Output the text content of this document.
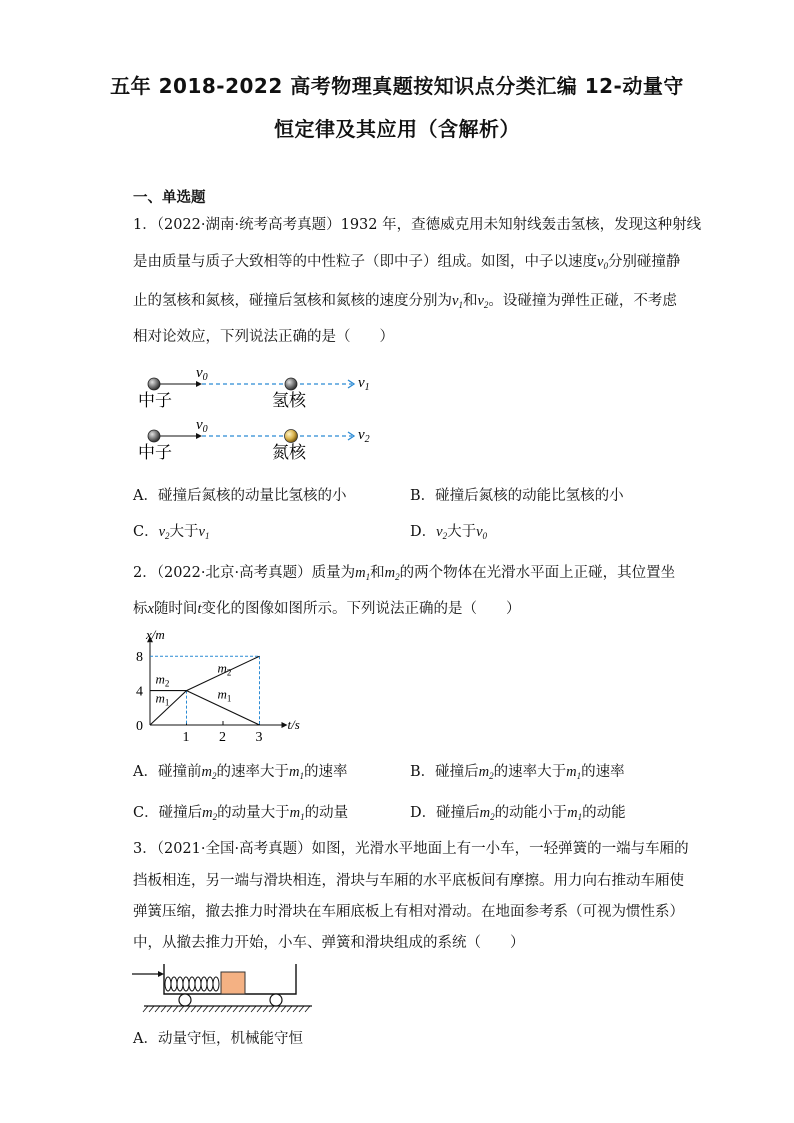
五年 2018-2022 高考物理真题按知识点分类汇编 12-动量守
恒定律及其应用（含解析）
一、单选题
1．（2022·湖南·统考高考真题）1932 年，查德威克用未知射线轰击氢核，发现这种射线
是由质量与质子大致相等的中性粒子（即中子）组成。如图，中子以速度$v_0$分别碰撞静
止的氢核和氮核，碰撞后氢核和氮核的速度分别为$v_1$和$v_2$。设碰撞为弹性正碰，不考虑
相对论效应，下列说法正确的是（　　）
$v_0$	$v_1$
中子	氢核
$v_0$	$v_2$
中子	氮核
A．碰撞后氮核的动量比氢核的小	B．碰撞后氮核的动能比氢核的小
C．$v_2$大于$v_1$	D．$v_2$大于$v_0$
2．（2022·北京·高考真题）质量为$m_1$和$m_2$的两个物体在光滑水平面上正碰，其位置坐
标x随时间t变化的图像如图所示。下列说法正确的是（　　）
x/m
t/s
0
4
8
1 2 3
$m_1$
$m_2$
$m_2$
$m_1$
A．碰撞前$m_2$的速率大于$m_1$的速率	B．碰撞后$m_2$的速率大于$m_1$的速率
C．碰撞后$m_2$的动量大于$m_1$的动量	D．碰撞后$m_2$的动能小于$m_1$的动能
3．（2021·全国·高考真题）如图，光滑水平地面上有一小车，一轻弹簧的一端与车厢的
挡板相连，另一端与滑块相连，滑块与车厢的水平底板间有摩擦。用力向右推动车厢使
弹簧压缩，撤去推力时滑块在车厢底板上有相对滑动。在地面参考系（可视为惯性系）
中，从撤去推力开始，小车、弹簧和滑块组成的系统（　　）
A．动量守恒，机械能守恒
